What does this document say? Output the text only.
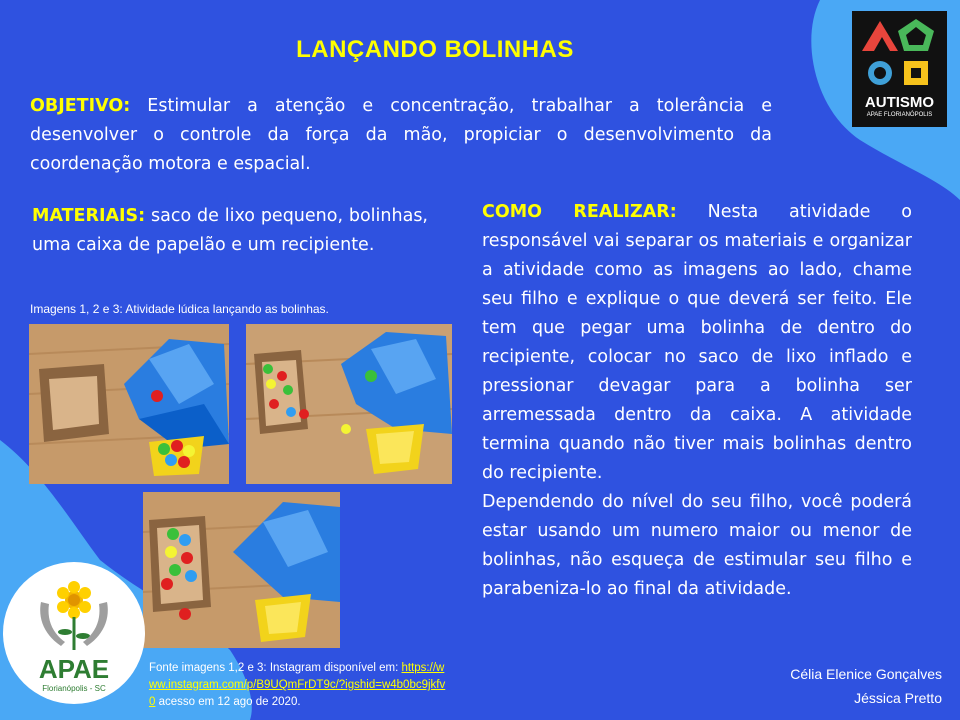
LANÇANDO BOLINHAS
OBJETIVO: Estimular a atenção e concentração, trabalhar a tolerância e desenvolver o controle da força da mão, propiciar o desenvolvimento da coordenação motora e espacial.
MATERIAIS: saco de lixo pequeno, bolinhas, uma caixa de papelão e um recipiente.
Imagens 1, 2 e 3: Atividade lúdica lançando as bolinhas.
COMO REALIZAR: Nesta atividade o responsável vai separar os materiais e organizar a atividade como as imagens ao lado, chame seu filho e explique o que deverá ser feito. Ele tem que pegar uma bolinha de dentro do recipiente, colocar no saco de lixo inflado e pressionar devagar para a bolinha ser arremessada dentro da caixa. A atividade termina quando não tiver mais bolinhas dentro do recipiente.
Dependendo do nível do seu filho, você poderá estar usando um numero maior ou menor de bolinhas, não esqueça de estimular seu filho e parabeniza-lo ao final da atividade.
AUTISMO
APAE FLORIANÓPOLIS
APAE
Florianópolis - SC
Fonte imagens 1,2 e 3: Instagram disponível em: https://www.instagram.com/p/B9UQmFrDT9c/?igshid=w4b0bc9jkfv0 acesso em 12 ago de 2020.
Célia Elenice Gonçalves
Jéssica Pretto
